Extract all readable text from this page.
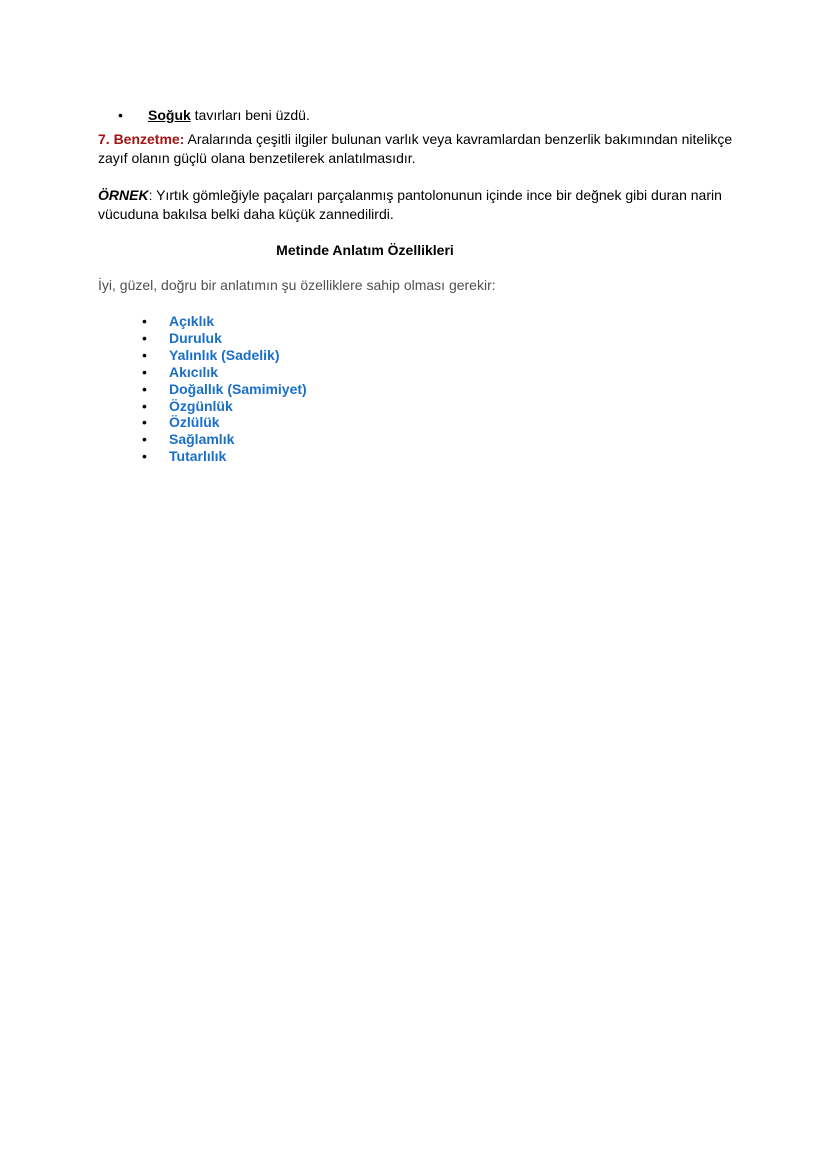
• Soğuk tavırları beni üzdü.
7. Benzetme: Aralarında çeşitli ilgiler bulunan varlık veya kavramlardan benzerlik bakımından nitelikçe zayıf olanın güçlü olana benzetilerek anlatılmasıdır.
ÖRNEK: Yırtık gömleğiyle paçaları parçalanmış pantolonunun içinde ince bir değnek gibi duran narin vücuduna bakılsa belki daha küçük zannedilirdi.
Metinde Anlatım Özellikleri
İyi, güzel, doğru bir anlatımın şu özelliklere sahip olması gerekir:
• Açıklık
• Duruluk
• Yalınlık (Sadelik)
• Akıcılık
• Doğallık (Samimiyet)
• Özgünlük
• Özlülük
• Sağlamlık
• Tutarlılık
